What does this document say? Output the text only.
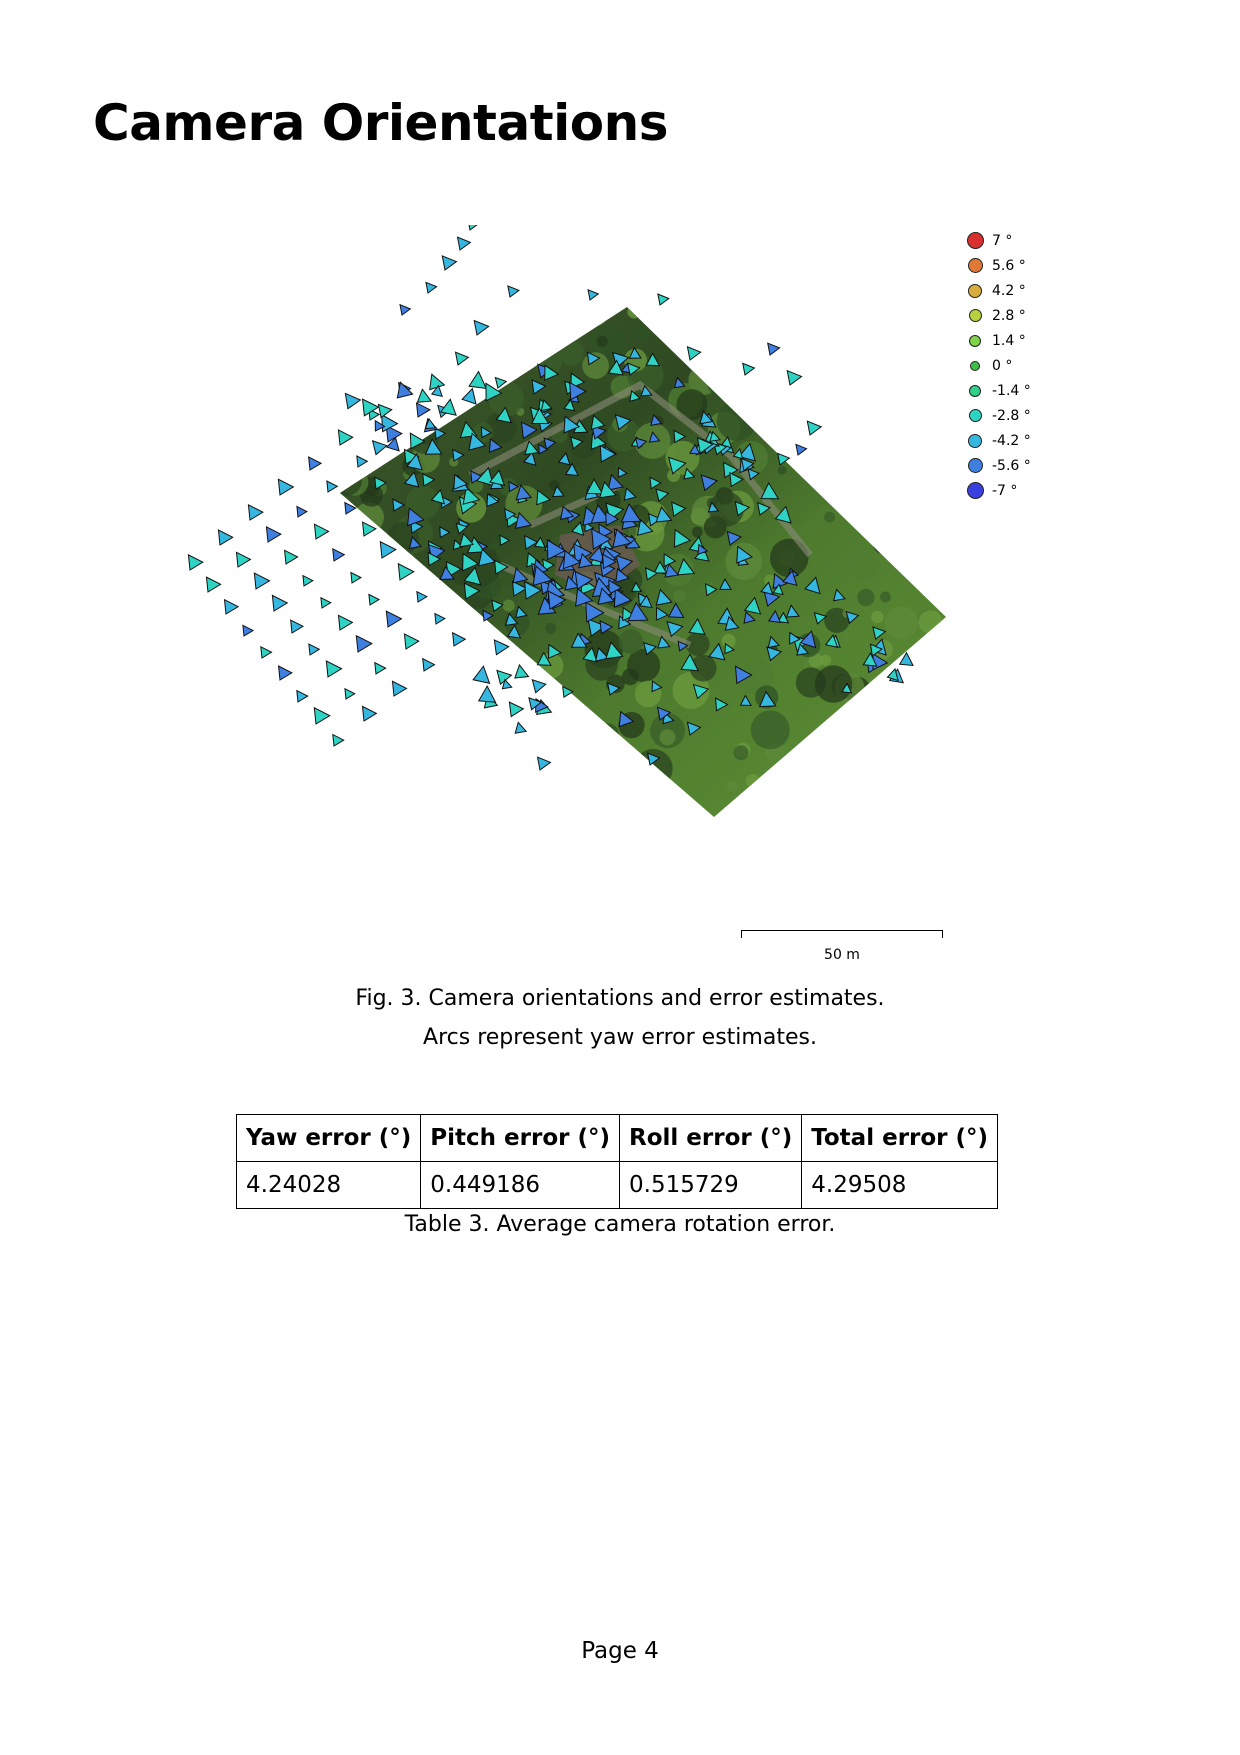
Camera Orientations
7 °
5.6 °
4.2 °
2.8 °
1.4 °
0 °
-1.4 °
-2.8 °
-4.2 °
-5.6 °
-7 °
50 m
Fig. 3. Camera orientations and error estimates.
Arcs represent yaw error estimates.
Yaw error (°)	Pitch error (°)	Roll error (°)	Total error (°)
4.24028	0.449186	0.515729	4.29508
Table 3. Average camera rotation error.
Page 4
